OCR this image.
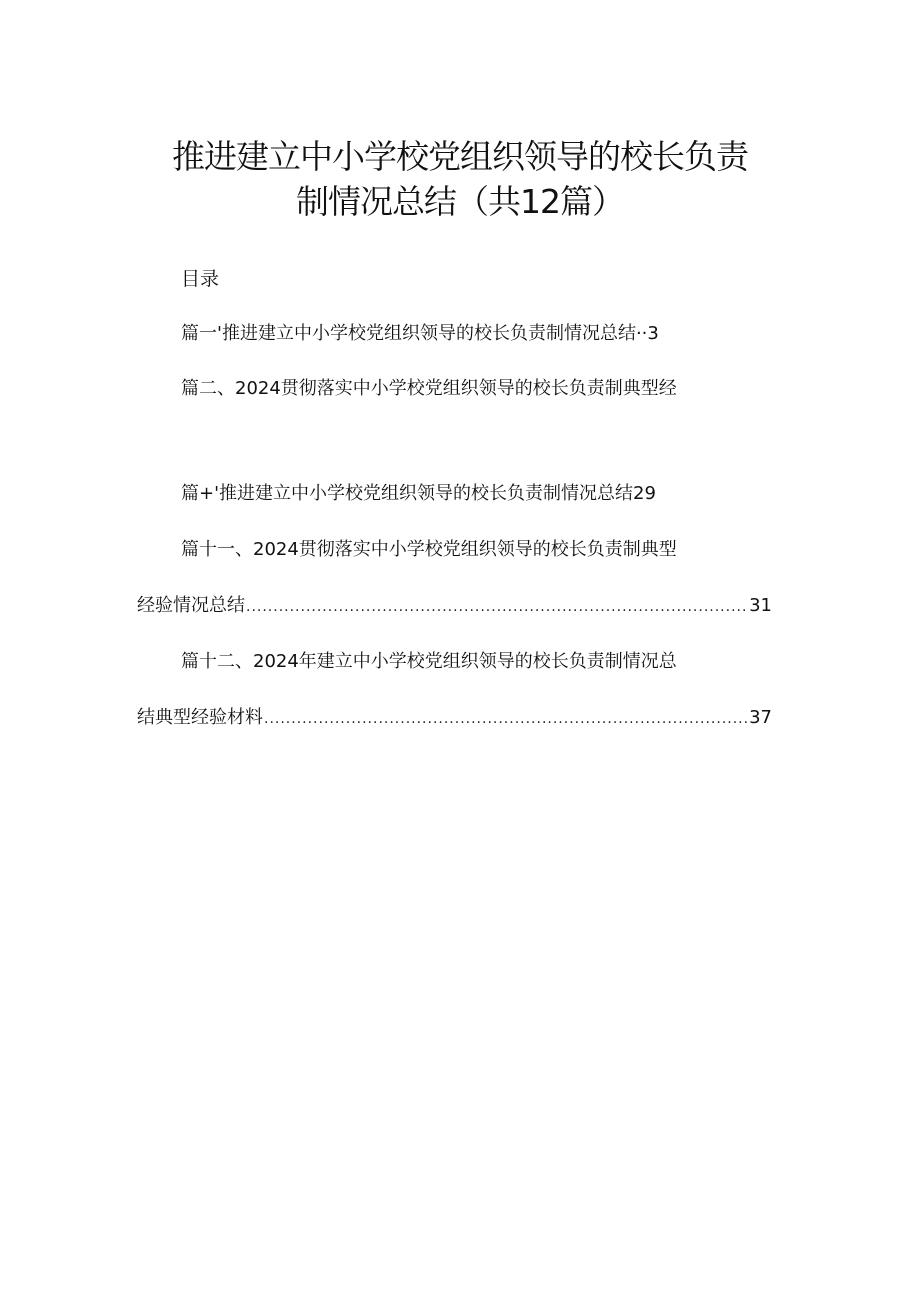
推进建立中小学校党组织领导的校长负责
制情况总结（共12篇）
目录
篇一'推进建立中小学校党组织领导的校长负责制情况总结··3
篇二、2024贯彻落实中小学校党组织领导的校长负责制典型经
篇+'推进建立中小学校党组织领导的校长负责制情况总结29
篇十一、2024贯彻落实中小学校党组织领导的校长负责制典型
经验情况总结 .....	31
篇十二、2024年建立中小学校党组织领导的校长负责制情况总
结典型经验材料 .....	37
